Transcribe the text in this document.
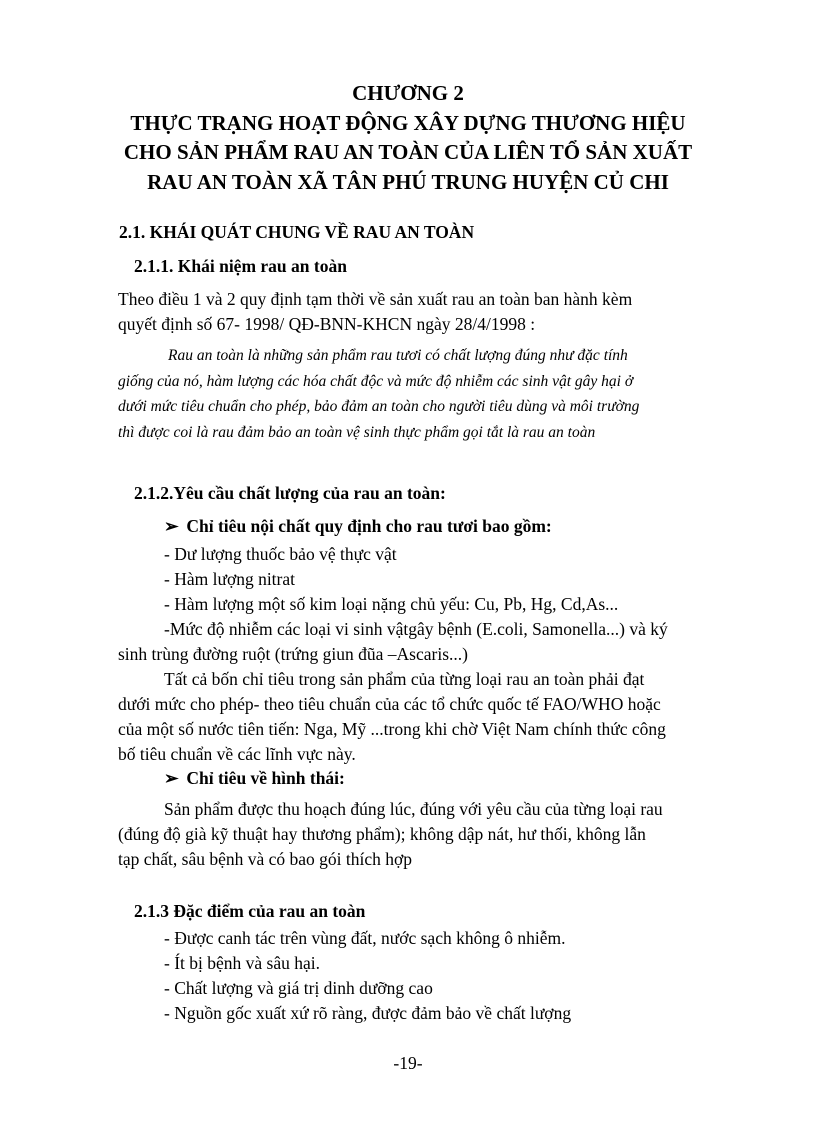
CHƯƠNG 2
THỰC TRẠNG HOẠT ĐỘNG XÂY DỰNG THƯƠNG HIỆU
CHO SẢN PHẨM RAU AN TOÀN CỦA LIÊN TỔ SẢN XUẤT
RAU AN TOÀN XÃ TÂN PHÚ TRUNG HUYỆN CỦ CHI
2.1. KHÁI QUÁT CHUNG VỀ RAU AN TOÀN
2.1.1. Khái niệm rau an toàn
Theo điều 1 và 2 quy định tạm thời về sản xuất rau an toàn ban hành kèm
quyết định số 67- 1998/ QĐ-BNN-KHCN ngày 28/4/1998 :
Rau an toàn là những sản phẩm rau tươi có chất lượng đúng như đặc tính
giống của nó, hàm lượng các hóa chất độc và mức độ nhiễm các sinh vật gây hại ở
dưới mức tiêu chuẩn cho phép, bảo đảm an toàn cho người tiêu dùng và môi trường
thì được coi là rau đảm bảo an toàn vệ sinh thực phẩm gọi tắt là rau an toàn
2.1.2.Yêu cầu chất lượng của rau an toàn:
➢ Chỉ tiêu nội chất quy định cho rau tươi bao gồm:
- Dư lượng thuốc bảo vệ thực vật
- Hàm lượng nitrat
- Hàm lượng một số kim loại nặng chủ yếu: Cu, Pb, Hg, Cd,As...
-Mức độ nhiễm các loại vi sinh vậtgây bệnh (E.coli, Samonella...) và ký
sinh trùng đường ruột (trứng giun đũa –Ascaris...)
Tất cả bốn chỉ tiêu trong sản phẩm của từng loại rau an toàn phải đạt
dưới mức cho phép- theo tiêu chuẩn của các tổ chức quốc tế FAO/WHO hoặc
của một số nước tiên tiến: Nga, Mỹ ...trong khi chờ Việt Nam chính thức công
bố tiêu chuẩn về các lĩnh vực này.
➢ Chỉ tiêu về hình thái:
Sản phẩm được thu hoạch đúng lúc, đúng với yêu cầu của từng loại rau
(đúng độ già kỹ thuật hay thương phẩm); không dập nát, hư thối, không lẫn
tạp chất, sâu bệnh và có bao gói thích hợp
2.1.3 Đặc điểm của rau an toàn
- Được canh tác trên vùng đất, nước sạch không ô nhiễm.
- Ít bị bệnh và sâu hại.
- Chất lượng và giá trị dinh dưỡng cao
- Nguồn gốc xuất xứ rõ ràng, được đảm bảo về chất lượng
-19-
